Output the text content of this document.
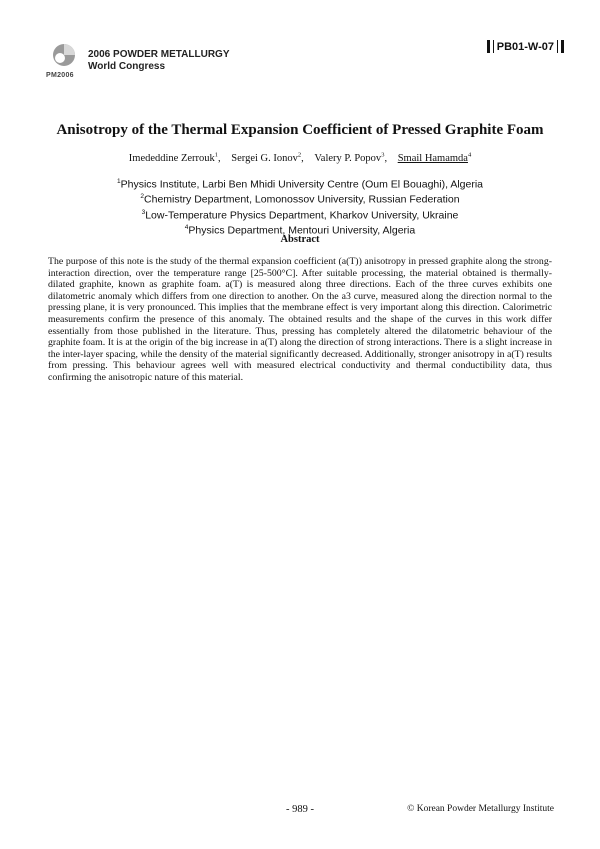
PM2006
2006 POWDER METALLURGY
World Congress
PB01-W-07
Anisotropy of the Thermal Expansion Coefficient of Pressed Graphite Foam
Imededdine Zerrouk$^1$, Sergei G. Ionov$^2$, Valery P. Popov$^3$, Smail Hamamda$^4$
$^1$Physics Institute, Larbi Ben Mhidi University Centre (Oum El Bouaghi), Algeria
$^2$Chemistry Department, Lomonossov University, Russian Federation
$^3$Low-Temperature Physics Department, Kharkov University, Ukraine
$^4$Physics Department, Mentouri University, Algeria
Abstract

The purpose of this note is the study of the thermal expansion coefficient (a(T)) anisotropy in pressed graphite along the strong-interaction direction, over the temperature range [25-500°C]. After suitable processing, the material obtained is thermally-dilated graphite, known as graphite foam. a(T) is measured along three directions. Each of the three curves exhibits one dilatometric anomaly which differs from one direction to another. On the a3 curve, measured along the direction normal to the pressing plane, it is very pronounced. This implies that the membrane effect is very important along this direction. Calorimetric measurements confirm the presence of this anomaly. The obtained results and the shape of the curves in this work differ essentially from those published in the literature. Thus, pressing has completely altered the dilatometric behaviour of the graphite foam. It is at the origin of the big increase in a(T) along the direction of strong interactions. There is a slight increase in the inter-layer spacing, while the density of the material significantly decreased. Additionally, stronger anisotropy in a(T) results from pressing. This behaviour agrees well with measured electrical conductivity and thermal conductibility data, thus confirming the anisotropic nature of this material.

- 989 -	© Korean Powder Metallurgy Institute
